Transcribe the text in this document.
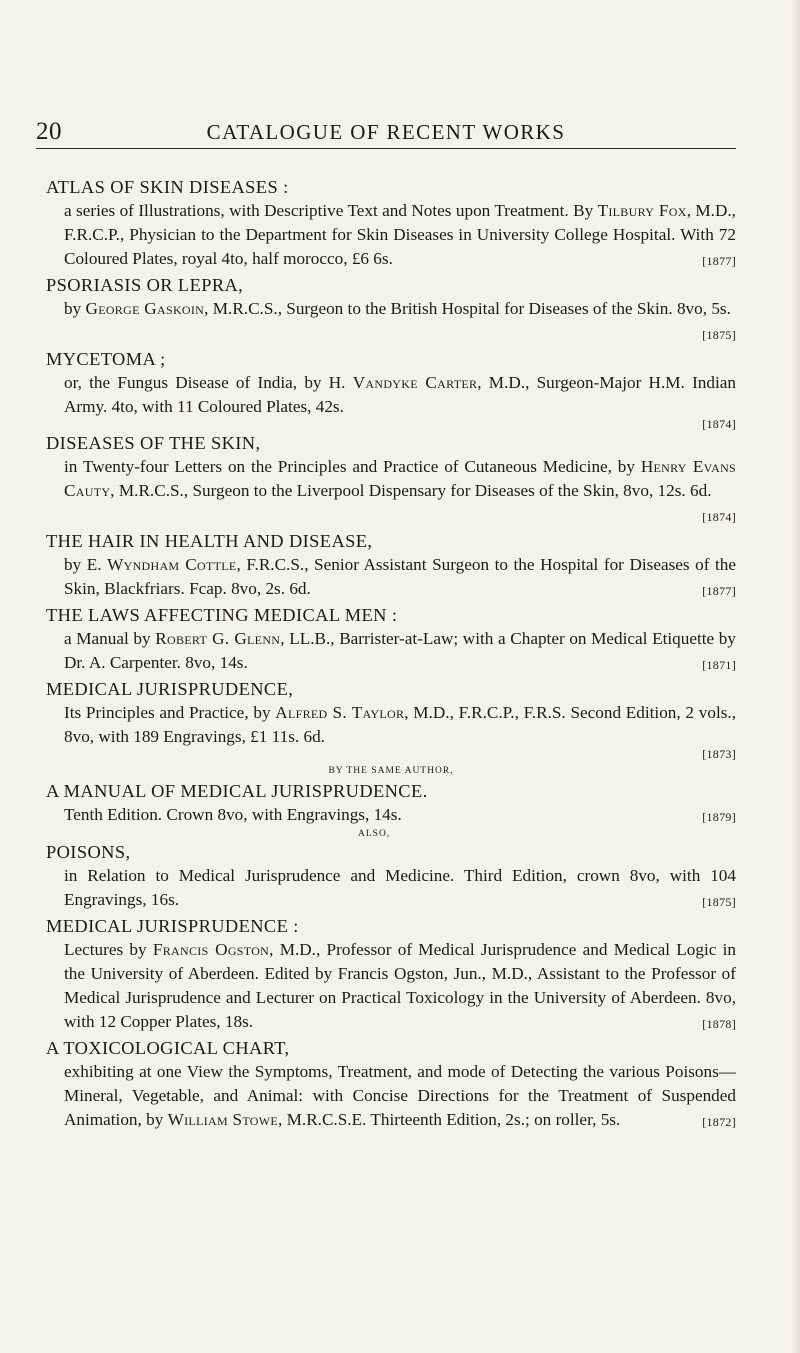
20	CATALOGUE OF RECENT WORKS
ATLAS OF SKIN DISEASES :
a series of Illustrations, with Descriptive Text and Notes upon Treatment. By Tilbury Fox, M.D., F.R.C.P., Physician to the Department for Skin Diseases in University College Hospital. With 72 Coloured Plates, royal 4to, half morocco, £6 6s.	[1877]
PSORIASIS OR LEPRA,
by George Gaskoin, M.R.C.S., Surgeon to the British Hospital for Diseases of the Skin. 8vo, 5s.
[1875]
MYCETOMA ;
or, the Fungus Disease of India, by H. Vandyke Carter, M.D., Surgeon-Major H.M. Indian Army. 4to, with 11 Coloured Plates, 42s.
[1874]
DISEASES OF THE SKIN,
in Twenty-four Letters on the Principles and Practice of Cutaneous Medicine, by Henry Evans Cauty, M.R.C.S., Surgeon to the Liverpool Dispensary for Diseases of the Skin, 8vo, 12s. 6d.
[1874]
THE HAIR IN HEALTH AND DISEASE,
by E. Wyndham Cottle, F.R.C.S., Senior Assistant Surgeon to the Hospital for Diseases of the Skin, Blackfriars. Fcap. 8vo, 2s. 6d.	[1877]
THE LAWS AFFECTING MEDICAL MEN :
a Manual by Robert G. Glenn, LL.B., Barrister-at-Law; with a Chapter on Medical Etiquette by Dr. A. Carpenter. 8vo, 14s.	[1871]
MEDICAL JURISPRUDENCE,
Its Principles and Practice, by Alfred S. Taylor, M.D., F.R.C.P., F.R.S. Second Edition, 2 vols., 8vo, with 189 Engravings, £1 11s. 6d.
[1873]
BY THE SAME AUTHOR,
A MANUAL OF MEDICAL JURISPRUDENCE.
Tenth Edition. Crown 8vo, with Engravings, 14s.	[1879]
ALSO,
POISONS,
in Relation to Medical Jurisprudence and Medicine. Third Edition, crown 8vo, with 104 Engravings, 16s.	[1875]
MEDICAL JURISPRUDENCE :
Lectures by Francis Ogston, M.D., Professor of Medical Jurisprudence and Medical Logic in the University of Aberdeen. Edited by Francis Ogston, Jun., M.D., Assistant to the Professor of Medical Jurisprudence and Lecturer on Practical Toxicology in the University of Aberdeen. 8vo, with 12 Copper Plates, 18s.	[1878]
A TOXICOLOGICAL CHART,
exhibiting at one View the Symptoms, Treatment, and mode of Detecting the various Poisons—Mineral, Vegetable, and Animal: with Concise Directions for the Treatment of Suspended Animation, by William Stowe, M.R.C.S.E. Thirteenth Edition, 2s.; on roller, 5s.	[1872]
